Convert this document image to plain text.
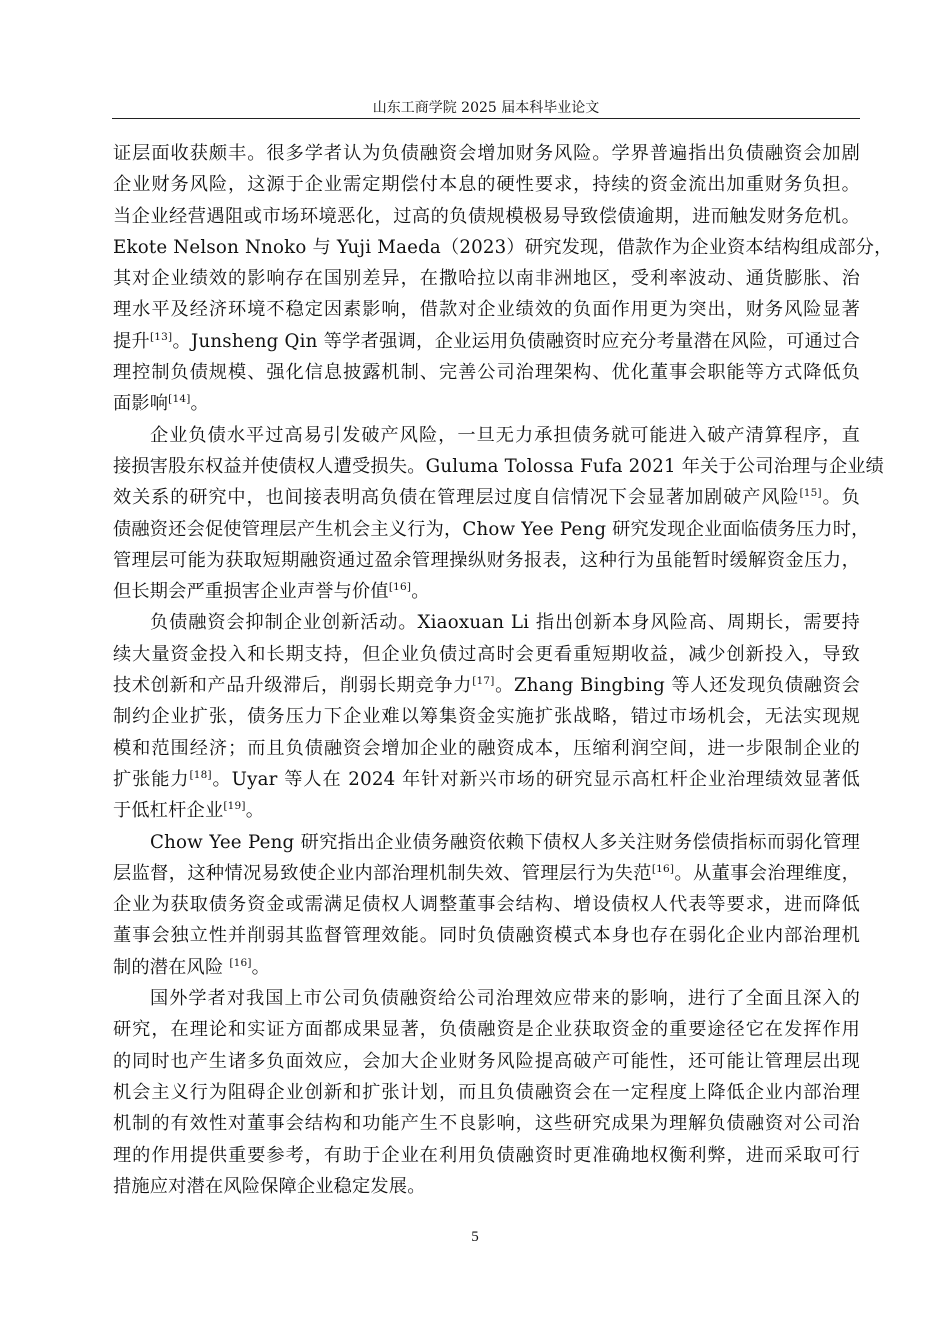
山东工商学院 2025 届本科毕业论文

证层面收获颇丰。很多学者认为负债融资会增加财务风险。学界普遍指出负债融资会加剧
企业财务风险，这源于企业需定期偿付本息的硬性要求，持续的资金流出加重财务负担。
当企业经营遇阻或市场环境恶化，过高的负债规模极易导致偿债逾期，进而触发财务危机。
Ekote Nelson Nnoko 与 Yuji Maeda（2023）研究发现，借款作为企业资本结构组成部分，
其对企业绩效的影响存在国别差异，在撒哈拉以南非洲地区，受利率波动、通货膨胀、治
理水平及经济环境不稳定因素影响，借款对企业绩效的负面作用更为突出，财务风险显著
提升[13]。Junsheng Qin 等学者强调，企业运用负债融资时应充分考量潜在风险，可通过合
理控制负债规模、强化信息披露机制、完善公司治理架构、优化董事会职能等方式降低负
面影响[14]。

企业负债水平过高易引发破产风险，一旦无力承担债务就可能进入破产清算程序，直
接损害股东权益并使债权人遭受损失。Guluma Tolossa Fufa 2021 年关于公司治理与企业绩
效关系的研究中，也间接表明高负债在管理层过度自信情况下会显著加剧破产风险[15]。负
债融资还会促使管理层产生机会主义行为，Chow Yee Peng 研究发现企业面临债务压力时，
管理层可能为获取短期融资通过盈余管理操纵财务报表，这种行为虽能暂时缓解资金压力，
但长期会严重损害企业声誉与价值[16]。

负债融资会抑制企业创新活动。Xiaoxuan Li 指出创新本身风险高、周期长，需要持
续大量资金投入和长期支持，但企业负债过高时会更看重短期收益，减少创新投入，导致
技术创新和产品升级滞后，削弱长期竞争力[17]。Zhang Bingbing 等人还发现负债融资会
制约企业扩张，债务压力下企业难以筹集资金实施扩张战略，错过市场机会，无法实现规
模和范围经济；而且负债融资会增加企业的融资成本，压缩利润空间，进一步限制企业的
扩张能力[18]。Uyar 等人在 2024 年针对新兴市场的研究显示高杠杆企业治理绩效显著低
于低杠杆企业[19]。

Chow Yee Peng 研究指出企业债务融资依赖下债权人多关注财务偿债指标而弱化管理
层监督，这种情况易致使企业内部治理机制失效、管理层行为失范[16]。从董事会治理维度，
企业为获取债务资金或需满足债权人调整董事会结构、增设债权人代表等要求，进而降低
董事会独立性并削弱其监督管理效能。同时负债融资模式本身也存在弱化企业内部治理机
制的潜在风险 [16]。

国外学者对我国上市公司负债融资给公司治理效应带来的影响，进行了全面且深入的
研究，在理论和实证方面都成果显著，负债融资是企业获取资金的重要途径它在发挥作用
的同时也产生诸多负面效应，会加大企业财务风险提高破产可能性，还可能让管理层出现
机会主义行为阻碍企业创新和扩张计划，而且负债融资会在一定程度上降低企业内部治理
机制的有效性对董事会结构和功能产生不良影响，这些研究成果为理解负债融资对公司治
理的作用提供重要参考，有助于企业在利用负债融资时更准确地权衡利弊，进而采取可行
措施应对潜在风险保障企业稳定发展。

5
